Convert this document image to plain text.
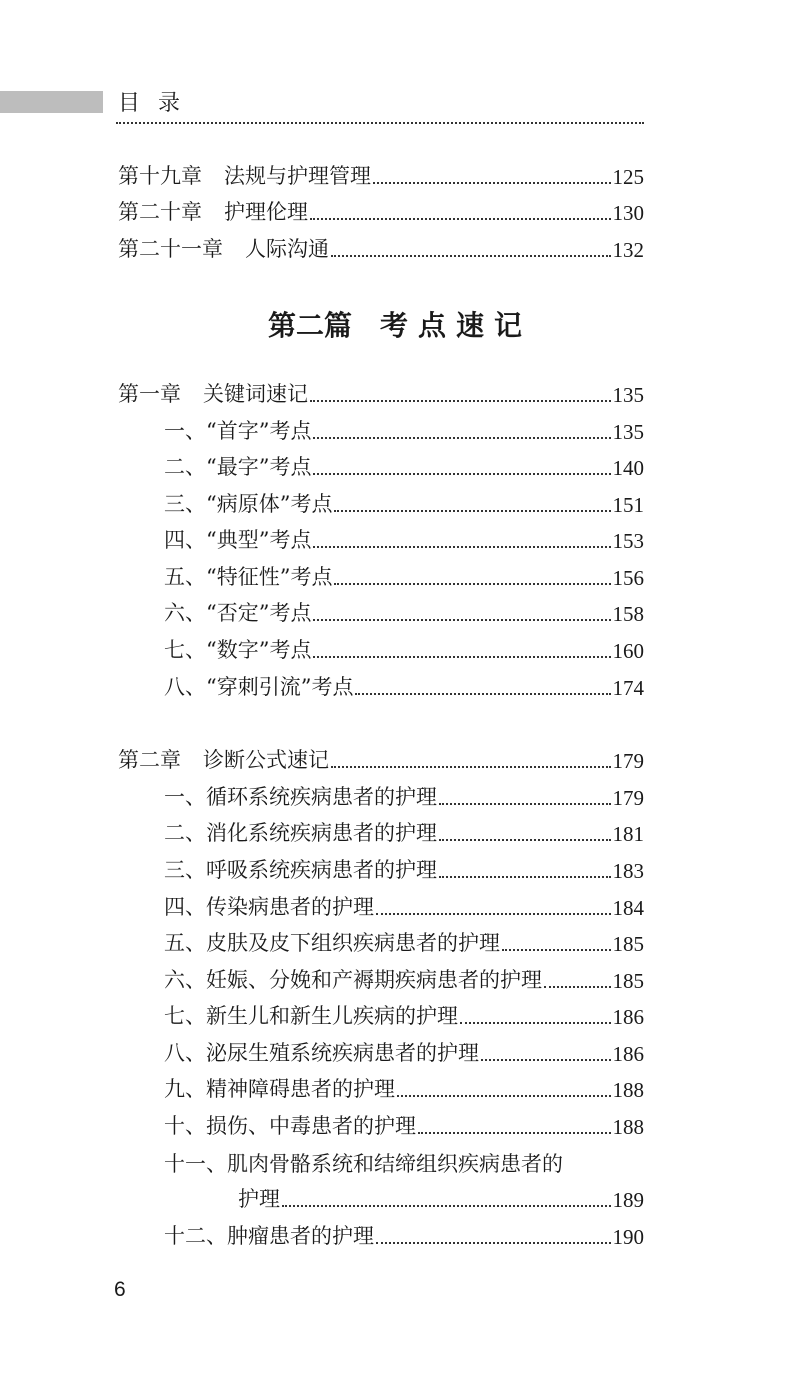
目录
第十九章 法规与护理管理	125
第二十章 护理伦理	130
第二十一章 人际沟通	132
第二篇 考点速记
第一章 关键词速记	135
一、“首字”考点	135
二、“最字”考点	140
三、“病原体”考点	151
四、“典型”考点	153
五、“特征性”考点	156
六、“否定”考点	158
七、“数字”考点	160
八、“穿刺引流”考点	174
第二章 诊断公式速记	179
一、循环系统疾病患者的护理	179
二、消化系统疾病患者的护理	181
三、呼吸系统疾病患者的护理	183
四、传染病患者的护理	184
五、皮肤及皮下组织疾病患者的护理	185
六、妊娠、分娩和产褥期疾病患者的护理	185
七、新生儿和新生儿疾病的护理	186
八、泌尿生殖系统疾病患者的护理	186
九、精神障碍患者的护理	188
十、损伤、中毒患者的护理	188
十一、肌肉骨骼系统和结缔组织疾病患者的
护理	189
十二、肿瘤患者的护理	190
6
